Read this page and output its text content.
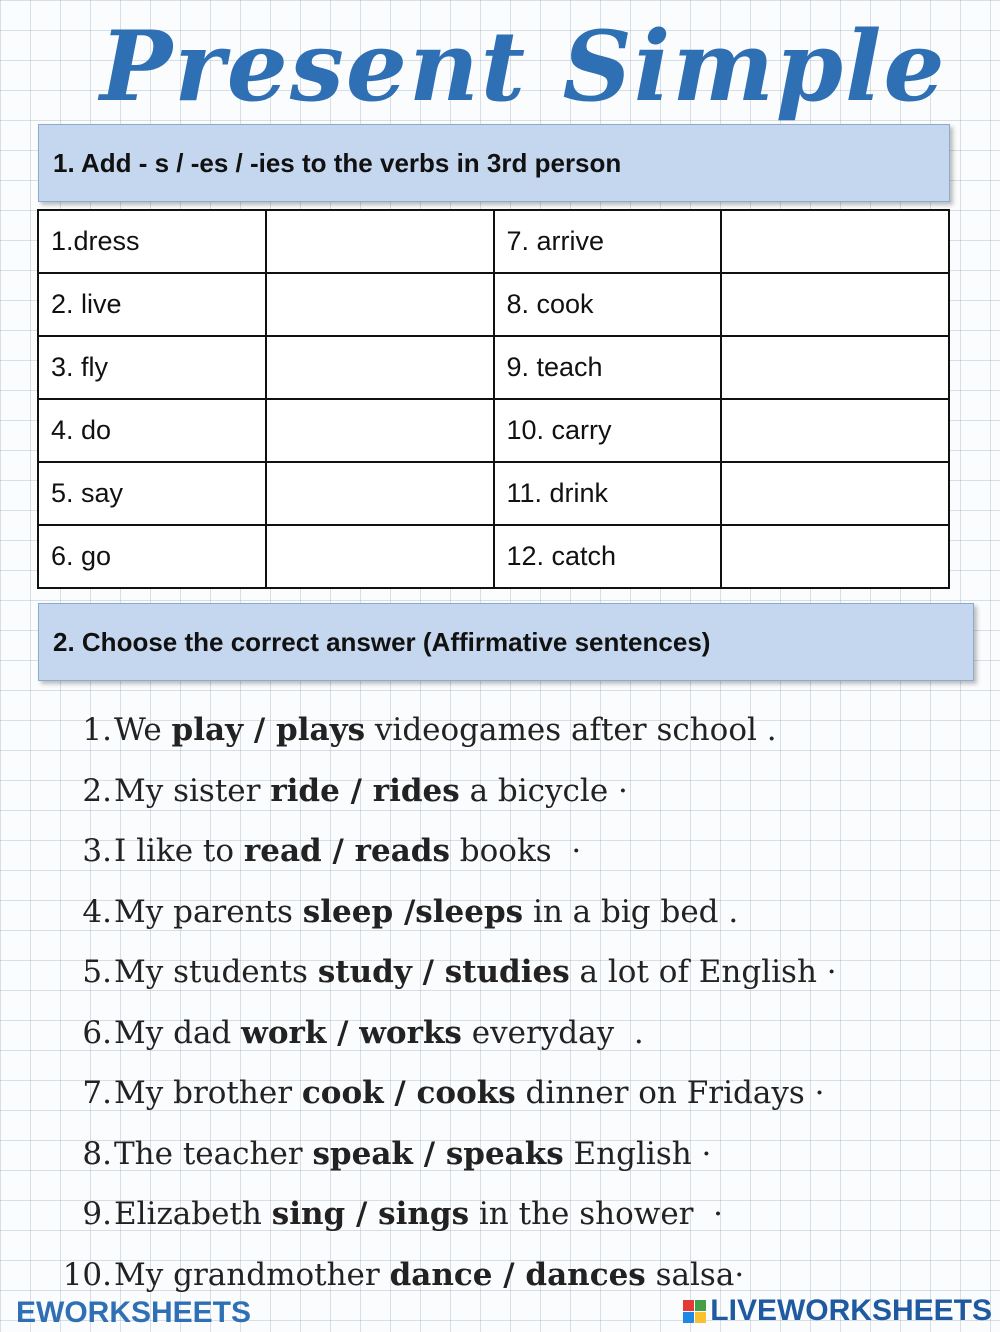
Present Simple
1. Add - s / -es / -ies to the verbs in 3rd person
1.dress		7. arrive	
2. live		8. cook	
3. fly		9. teach	
4. do		10. carry	
5. say		11. drink	
6. go		12. catch	
2. Choose the correct answer (Affirmative sentences)
1. We play / plays videogames after school .
2. My sister ride / rides a bicycle ·
3. I like to read / reads books  ·
4. My parents sleep / sleeps in a big bed .
5. My students study / studies a lot of English ·
6. My dad work / works everyday  .
7. My brother cook / cooks dinner on Fridays ·
8. The teacher speak / speaks English ·
9. Elizabeth sing / sings in the shower  ·
10. My grandmother dance / dances salsa·
EWORKSHEETS	LIVEWORKSHEETS
